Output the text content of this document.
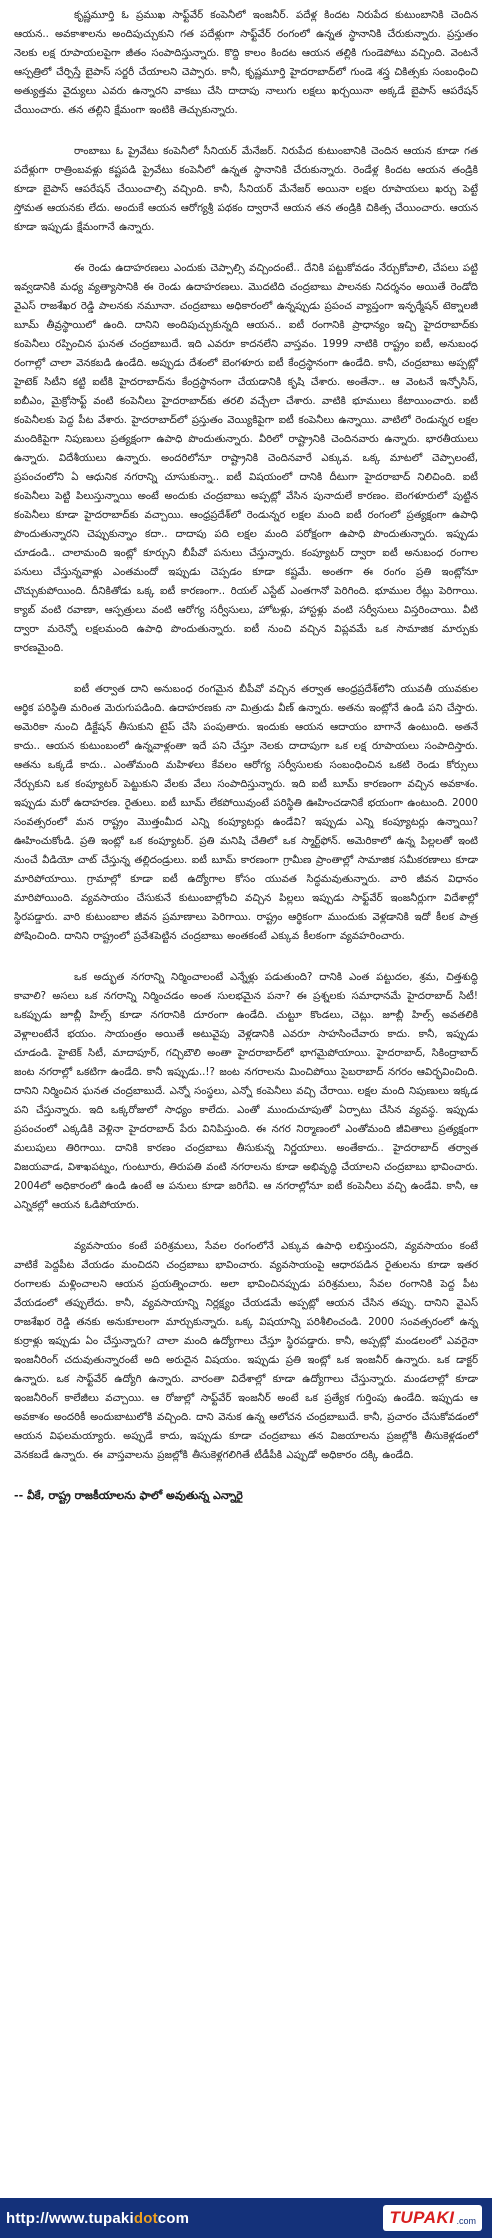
కృష్ణమూర్తి ఓ ప్రముఖ సాఫ్ట్‌వేర్ కంపెనీలో ఇంజనీర్. పదేళ్ల కిందట నిరుపేద కుటుంబానికి చెందిన ఆయన.. అవకాశాలను అందిపుచ్చుకుని గత పదేళ్లుగా సాఫ్ట్‌వేర్ రంగంలో ఉన్నత స్థానానికి చేరుకున్నారు. ప్రస్తుతం నెలకు లక్ష రూపాయలపైగా జీతం సంపాదిస్తున్నారు. కొద్ది కాలం కిందట ఆయన తల్లికి గుండెపోటు వచ్చింది. వెంటనే ఆస్పత్రిలో చేర్పిస్తే బైపాస్ సర్జరీ చేయాలని చెప్పారు. కానీ, కృష్ణమూర్తి హైదరాబాద్‌లో గుండె శస్త్ర చికిత్సకు సంబంధించి అత్యుత్తమ వైద్యులు ఎవరు ఉన్నారని వాకబు చేసి దాదాపు నాలుగు లక్షలు ఖర్చయినా అక్కడే బైపాస్ ఆపరేషన్ చేయించారు. తన తల్లిని క్షేమంగా ఇంటికి తెచ్చుకున్నారు.

రాంబాబు ఓ ప్రైవేటు కంపెనీలో సీనియర్ మేనేజర్. నిరుపేద కుటుంబానికి చెందిన ఆయన కూడా గత పదేళ్లుగా రాత్రింబవళ్లు కష్టపడి ప్రైవేటు కంపెనీలో ఉన్నత స్థానానికి చేరుకున్నారు. రెండేళ్ల కిందట ఆయన తండ్రికి కూడా బైపాస్ ఆపరేషన్ చేయించాల్సి వచ్చింది. కానీ, సీనియర్ మేనేజర్ అయినా లక్షల రూపాయలు ఖర్చు పెట్టే స్తోమత ఆయనకు లేదు. అందుకే ఆయన ఆరోగ్యశ్రీ పథకం ద్వారానే ఆయన తన తండ్రికి చికిత్స చేయించారు. ఆయన కూడా ఇప్పుడు క్షేమంగానే ఉన్నారు.

ఈ రెండు ఉదాహరణలు ఎందుకు చెప్పాల్సి వచ్చిందంటే.. దేనికి పట్టుకోవడం నేర్చుకోవాలి, చేపలు పట్టి ఇవ్వడానికి మధ్య వ్యత్యాసానికి ఈ రెండు ఉదాహరణలు. మొదటిది చంద్రబాబు పాలనకు నిదర్శనం అయితే రెండోది వైఎస్ రాజశేఖర రెడ్డి పాలనకు నమూనా. చంద్రబాబు అధికారంలో ఉన్నప్పుడు ప్రపంచ వ్యాప్తంగా ఇన్ఫర్మేషన్ టెక్నాలజీ బూమ్ తీవ్రస్థాయిలో ఉంది. దానిని అందిపుచ్చుకున్నది ఆయన.. ఐటీ రంగానికి ప్రాధాన్యం ఇచ్చి హైదరాబాద్‌కు కంపెనీలు రప్పించిన ఘనత చంద్రబాబుదే. ఇది ఎవరూ కాదనలేని వాస్తవం. 1999 నాటికి రాష్ట్రం ఐటీ, అనుబంధ రంగాల్లో చాలా వెనకబడి ఉండేది. అప్పుడు దేశంలో బెంగళూరు ఐటీ కేంద్రస్థానంగా ఉండేది. కానీ, చంద్రబాబు అప్పట్లో హైటెక్ సిటీని కట్టి ఐటీకి హైదరాబాద్‌ను కేంద్రస్థానంగా చేయడానికి కృషి చేశారు. అంతేనా.. ఆ వెంటనే ఇన్ఫోసిస్, ఐబీఎం, మైక్రోసాఫ్ట్ వంటి కంపెనీలు హైదరాబాద్‌కు తరలి వచ్చేలా చేశారు. వాటికి భూములు కేటాయించారు. ఐటీ కంపెనీలకు పెద్ద పీట వేశారు. హైదరాబాద్‌లో ప్రస్తుతం వెయ్యికిపైగా ఐటీ కంపెనీలు ఉన్నాయి. వాటిలో రెండున్నర లక్షల మందికిపైగా నిపుణులు ప్రత్యక్షంగా ఉపాధి పొందుతున్నారు. వీరిలో రాష్ట్రానికి చెందినవారు ఉన్నారు. భారతీయులు ఉన్నారు. విదేశీయులు ఉన్నారు. అందరిలోనూ రాష్ట్రానికి చెందినవారే ఎక్కువ. ఒక్క మాటలో చెప్పాలంటే, ప్రపంచంలోని ఏ ఆధునిక నగరాన్ని చూసుకున్నా.. ఐటీ విషయంలో దానికి దీటుగా హైదరాబాద్ నిలిచింది. ఐటీ కంపెనీలు పెట్టి పిలుస్తున్నాయి అంటే అందుకు చంద్రబాబు అప్పట్లో వేసిన పునాదులే కారణం. బెంగళూరులో పుట్టిన కంపెనీలు కూడా హైదరాబాద్‌కు వచ్చాయి. ఆంధ్రప్రదేశ్‌లో రెండున్నర లక్షల మంది ఐటీ రంగంలో ప్రత్యక్షంగా ఉపాధి పొందుతున్నారని చెప్పుకున్నాం కదా.. దాదాపు పది లక్షల మంది పరోక్షంగా ఉపాధి పొందుతున్నారు. ఇప్పుడు చూడండి.. చాలామంది ఇంట్లో కూర్చుని బీపీవో పనులు చేస్తున్నారు. కంప్యూటర్ ద్వారా ఐటీ అనుబంధ రంగాల పనులు చేస్తున్నవాళ్లు ఎంతమందో ఇప్పుడు చెప్పడం కూడా కష్టమే. అంతగా ఈ రంగం ప్రతి ఇంట్లోనూ చొచ్చుకుపోయింది. దీనికితోడు ఒక్క ఐటీ కారణంగా.. రియల్ ఎస్టేట్ ఎంతగానో పెరిగింది. భూముల రేట్లు పెరిగాయి. క్యాబ్ వంటి రవాణా, ఆస్పత్రులు వంటి ఆరోగ్య సర్వీసులు, హోటళ్లు, హాస్టళ్లు వంటి సర్వీసులు విస్తరించాయి. వీటి ద్వారా మరెన్నో లక్షలమంది ఉపాధి పొందుతున్నారు. ఐటీ నుంచి వచ్చిన విప్లవమే ఒక సామాజిక మార్పుకు కారణమైంది.

ఐటీ తర్వాత దాని అనుబంధ రంగమైన బీపీవో వచ్చిన తర్వాత ఆంధ్రప్రదేశ్‌లోని యువతీ యువకుల ఆర్థిక పరిస్థితి మరింత మెరుగుపడింది. ఉదాహరణకు నా మిత్రుడు వీణ్ ఉన్నారు. అతను ఇంట్లోనే ఉండి పని చేస్తారు. అమెరికా నుంచి డిక్టేషన్ తీసుకుని టైప్ చేసి పంపుతారు. ఇందుకు ఆయన ఆదాయం బాగానే ఉంటుంది. అతనే కాదు.. ఆయన కుటుంబంలో ఉన్నవాళ్లంతా ఇదే పని చేస్తూ నెలకు దాదాపుగా ఒక లక్ష రూపాయలు సంపాదిస్తారు. ఆతను ఒక్కడే కాదు.. ఎంతోమంది మహిళలు కేవలం ఆరోగ్య సర్వీసులకు సంబంధించిన ఒకటి రెండు కోర్సులు నేర్చుకుని ఒక కంప్యూటర్ పెట్టుకుని వేలకు వేలు సంపాదిస్తున్నారు. ఇది ఐటీ బూమ్ కారణంగా వచ్చిన అవకాశం. ఇప్పుడు మరో ఉదాహరణ. రైతులు. ఐటీ బూమ్ లేకపోయివుంటే పరిస్థితి ఊహించడానికే భయంగా ఉంటుంది. 2000 సంవత్సరంలో మన రాష్ట్రం మొత్తంమీద ఎన్ని కంప్యూటర్లు ఉండేవి? ఇప్పుడు ఎన్ని కంప్యూటర్లు ఉన్నాయి? ఊహించుకోండి. ప్రతి ఇంట్లో ఒక కంప్యూటర్. ప్రతి మనిషి చేతిలో ఒక స్మార్ట్‌ఫోన్. అమెరికాలో ఉన్న పిల్లలతో ఇంటి నుంచే వీడియో చాట్ చేస్తున్న తల్లిదండ్రులు. ఐటీ బూమ్ కారణంగా గ్రామీణ ప్రాంతాల్లో సామాజిక సమీకరణాలు కూడా మారిపోయాయి. గ్రామాల్లో కూడా ఐటీ ఉద్యోగాల కోసం యువత సిద్ధమవుతున్నారు. వారి జీవన విధానం మారిపోయింది. వ్యవసాయం చేసుకునే కుటుంబాల్లోంచి వచ్చిన పిల్లలు ఇప్పుడు సాఫ్ట్‌వేర్ ఇంజనీర్లుగా విదేశాల్లో స్థిరపడ్డారు. వారి కుటుంబాల జీవన ప్రమాణాలు పెరిగాయి. రాష్ట్రం ఆర్థికంగా ముందుకు వెళ్లడానికి ఇదో కీలక పాత్ర పోషించింది. దానిని రాష్ట్రంలో ప్రవేశపెట్టిన చంద్రబాబు అంతకంటే ఎక్కువ కీలకంగా వ్యవహరించారు.

ఒక అద్భుత నగరాన్ని నిర్మించాలంటే ఎన్నేళ్లు పడుతుంది? దానికి ఎంత పట్టుదల, శ్రమ, చిత్తశుద్ధి కావాలి? అసలు ఒక నగరాన్ని నిర్మించడం అంత సులభమైన పనా? ఈ ప్రశ్నలకు సమాధానమే హైదరాబాద్ సిటీ! ఒకప్పుడు జూబ్లీ హిల్స్ కూడా నగరానికి దూరంగా ఉండేది. చుట్టూ కొండలు, చెట్లు. జూబ్లీ హిల్స్ అవతలికి వెళ్లాలంటేనే భయం. సాయంత్రం అయితే అటువైపు వెళ్లడానికి ఎవరూ సాహసించేవారు కాదు. కానీ, ఇప్పుడు చూడండి. హైటెక్ సిటీ, మాదాపూర్, గచ్చిబౌలి అంతా హైదరాబాద్‌లో భాగమైపోయాయి. హైదరాబాద్, సికింద్రాబాద్ జంట నగరాల్లో ఒకటిగా ఉండేది. కానీ ఇప్పుడు..!? జంట నగరాలను మించిపోయి సైబరాబాద్ నగరం ఆవిర్భవించింది. దానిని నిర్మించిన ఘనత చంద్రబాబుదే. ఎన్నో సంస్థలు, ఎన్నో కంపెనీలు వచ్చి చేరాయి. లక్షల మంది నిపుణులు ఇక్కడ పని చేస్తున్నారు. ఇది ఒక్కరోజులో సాధ్యం కాలేదు. ఎంతో ముందుచూపుతో ఏర్పాటు చేసిన వ్యవస్థ. ఇప్పుడు ప్రపంచంలో ఎక్కడికి వెళ్లినా హైదరాబాద్ పేరు వినిపిస్తుంది. ఈ నగర నిర్మాణంలో ఎంతోమంది జీవితాలు ప్రత్యక్షంగా మలుపులు తిరిగాయి. దానికి కారణం చంద్రబాబు తీసుకున్న నిర్ణయాలు. అంతేకాదు.. హైదరాబాద్ తర్వాత విజయవాడ, విశాఖపట్నం, గుంటూరు, తిరుపతి వంటి నగరాలను కూడా అభివృద్ధి చేయాలని చంద్రబాబు భావించారు. 2004లో అధికారంలో ఉండి ఉంటే ఆ పనులు కూడా జరిగేవి. ఆ నగరాల్లోనూ ఐటీ కంపెనీలు వచ్చి ఉండేవి. కానీ, ఆ ఎన్నికల్లో ఆయన ఓడిపోయారు.

వ్యవసాయం కంటే పరిశ్రమలు, సేవల రంగంలోనే ఎక్కువ ఉపాధి లభిస్తుందని, వ్యవసాయం కంటే వాటికే పెద్దపీట వేయడం మంచిదని చంద్రబాబు భావించారు. వ్యవసాయంపై ఆధారపడిన రైతులను కూడా ఇతర రంగాలకు మళ్లించాలని ఆయన ప్రయత్నించారు. అలా భావించినప్పుడు పరిశ్రమలు, సేవల రంగానికి పెద్ద పీట వేయడంలో తప్పులేదు. కానీ, వ్యవసాయాన్ని నిర్లక్ష్యం చేయడమే అప్పట్లో ఆయన చేసిన తప్పు. దానిని వైఎస్ రాజశేఖర రెడ్డి తనకు అనుకూలంగా మార్చుకున్నారు. ఒక్క విషయాన్ని పరిశీలించండి. 2000 సంవత్సరంలో ఉన్న కుర్రాళ్లు ఇప్పుడు ఏం చేస్తున్నారు? చాలా మంది ఉద్యోగాలు చేస్తూ స్థిరపడ్డారు. కానీ, అప్పట్లో మండలంలో ఎవరైనా ఇంజనీరింగ్ చదువుతున్నారంటే అది అరుదైన విషయం. ఇప్పుడు ప్రతి ఇంట్లో ఒక ఇంజనీర్ ఉన్నారు. ఒక డాక్టర్ ఉన్నారు. ఒక సాఫ్ట్‌వేర్ ఉద్యోగి ఉన్నారు. వారంతా విదేశాల్లో కూడా ఉద్యోగాలు చేస్తున్నారు. మండలాల్లో కూడా ఇంజనీరింగ్ కాలేజీలు వచ్చాయి. ఆ రోజుల్లో సాఫ్ట్‌వేర్ ఇంజనీర్ అంటే ఒక ప్రత్యేక గుర్తింపు ఉండేది. ఇప్పుడు ఆ అవకాశం అందరికీ అందుబాటులోకి వచ్చింది. దాని వెనుక ఉన్న ఆలోచన చంద్రబాబుదే. కానీ, ప్రచారం చేసుకోవడంలో ఆయన విఫలమయ్యారు. అప్పుడే కాదు, ఇప్పుడు కూడా చంద్రబాబు తన విజయాలను ప్రజల్లోకి తీసుకెళ్లడంలో వెనకబడే ఉన్నారు. ఈ వాస్తవాలను ప్రజల్లోకి తీసుకెళ్లగలిగితే టీడీపీకి ఎప్పుడో అధికారం దక్కి ఉండేది.

-- వీకే, రాష్ట్ర రాజకీయాలను ఫాలో అవుతున్న ఎన్నారై
http://www.tupakidotcom	TUPAKI .com
